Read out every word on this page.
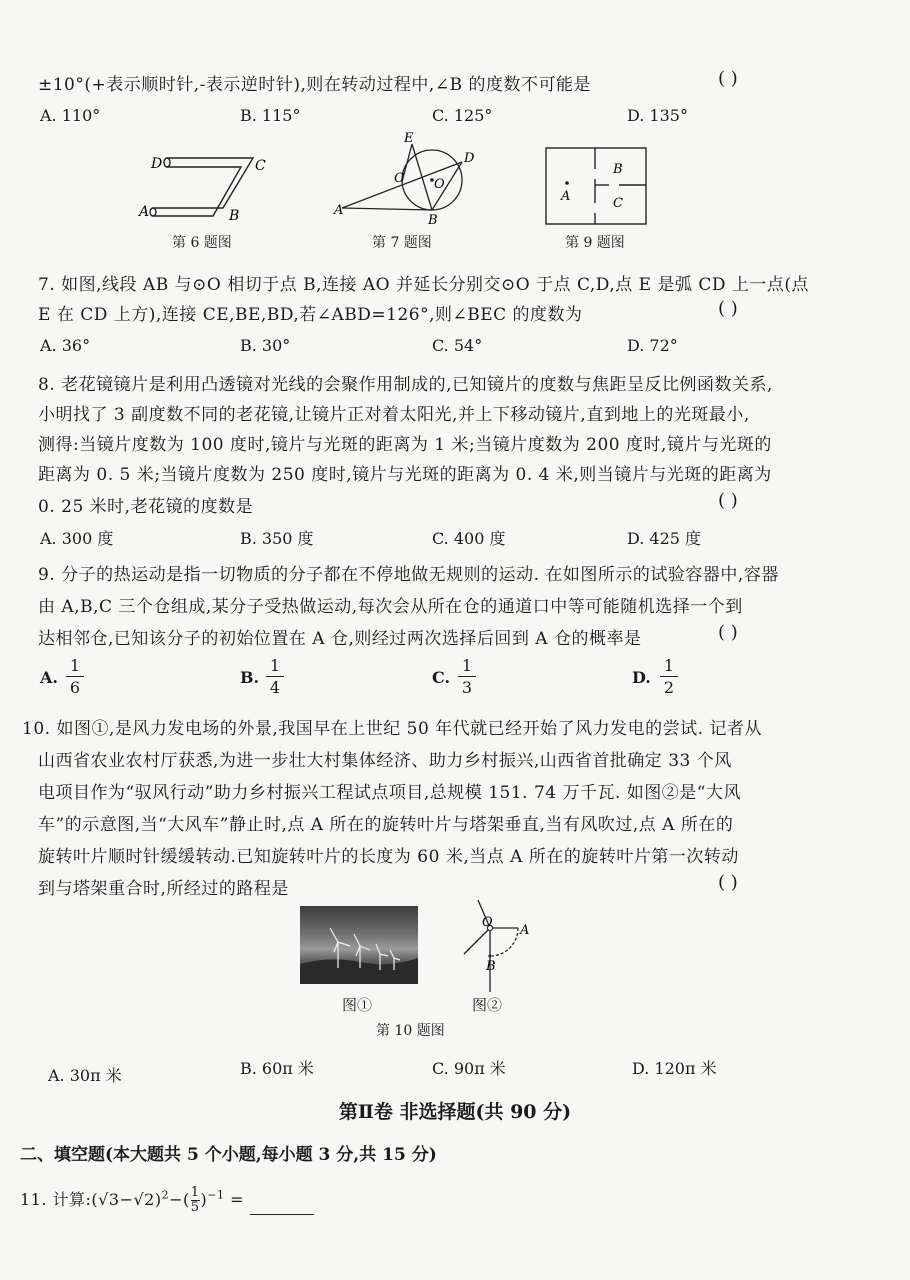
±10°(+表示顺时针,-表示逆时针),则在转动过程中,∠B 的度数不可能是	( )
A. 110°	B. 115°	C. 125°	D. 135°
D	C
A	B
第 6 题图
E
D
C O
A
B
第 7 题图
A
B
C
第 9 题图
7. 如图,线段 AB 与⊙O 相切于点 B,连接 AO 并延长分别交⊙O 于点 C,D,点 E 是弧 CD 上一点(点
E 在 CD 上方),连接 CE,BE,BD,若∠ABD=126°,则∠BEC 的度数为	( )
A. 36°	B. 30°	C. 54°	D. 72°
8. 老花镜镜片是利用凸透镜对光线的会聚作用制成的,已知镜片的度数与焦距呈反比例函数关系,
小明找了 3 副度数不同的老花镜,让镜片正对着太阳光,并上下移动镜片,直到地上的光斑最小,
测得:当镜片度数为 100 度时,镜片与光斑的距离为 1 米;当镜片度数为 200 度时,镜片与光斑的
距离为 0. 5 米;当镜片度数为 250 度时,镜片与光斑的距离为 0. 4 米,则当镜片与光斑的距离为
0. 25 米时,老花镜的度数是	( )
A. 300 度	B. 350 度	C. 400 度	D. 425 度
9. 分子的热运动是指一切物质的分子都在不停地做无规则的运动. 在如图所示的试验容器中,容器
由 A,B,C 三个仓组成,某分子受热做运动,每次会从所在仓的通道口中等可能随机选择一个到
达相邻仓,已知该分子的初始位置在 A 仓,则经过两次选择后回到 A 仓的概率是	( )
A. $\frac{1}{6}$	B. $\frac{1}{4}$	C. $\frac{1}{3}$	D. $\frac{1}{2}$
10. 如图①,是风力发电场的外景,我国早在上世纪 50 年代就已经开始了风力发电的尝试. 记者从
山西省农业农村厅获悉,为进一步壮大村集体经济、助力乡村振兴,山西省首批确定 33 个风
电项目作为“驭风行动”助力乡村振兴工程试点项目,总规模 151. 74 万千瓦. 如图②是“大风
车”的示意图,当“大风车”静止时,点 A 所在的旋转叶片与塔架垂直,当有风吹过,点 A 所在的
旋转叶片顺时针缓缓转动.已知旋转叶片的长度为 60 米,当点 A 所在的旋转叶片第一次转动
到与塔架重合时,所经过的路程是	( )
图①
O
A
B
图②
第 10 题图
A. 30π 米	B. 60π 米	C. 90π 米	D. 120π 米
第Ⅱ卷 非选择题(共 90 分)
二、填空题(本大题共 5 个小题,每小题 3 分,共 15 分)
11. 计算$:(√3-√2)^2-( \frac{1}{5} )^{-1}$ =
